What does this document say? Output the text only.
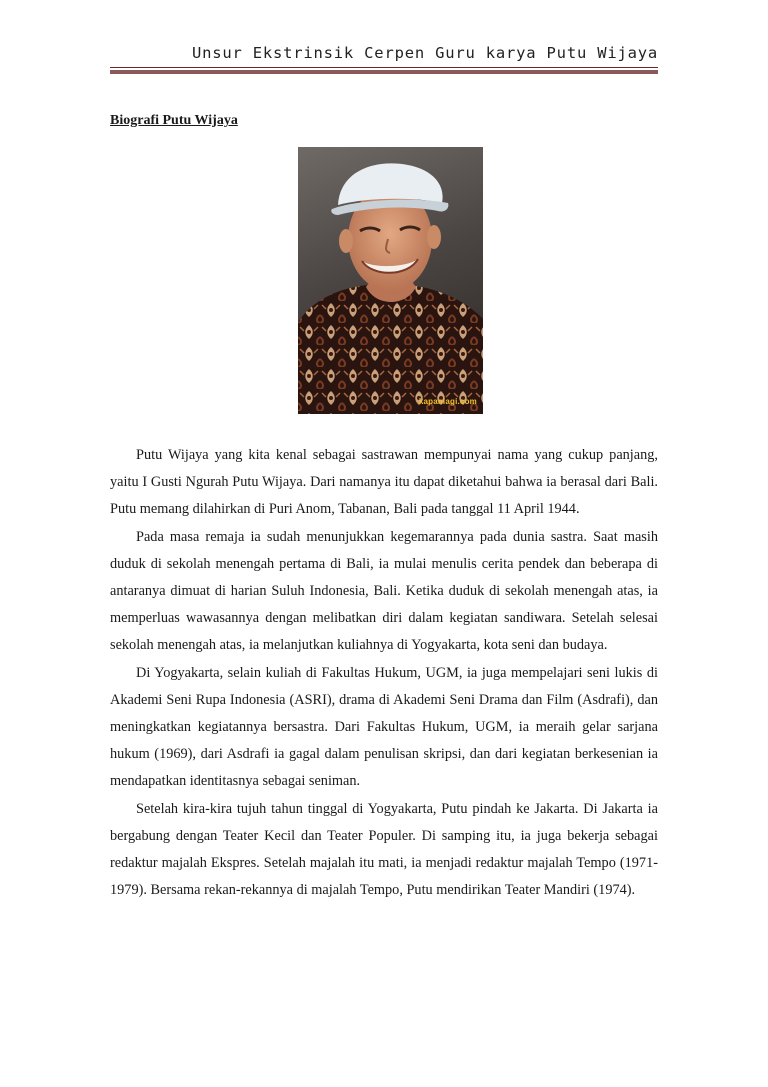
Unsur Ekstrinsik Cerpen Guru karya Putu Wijaya
Biografi Putu Wijaya
kapanlagi.com

Putu Wijaya yang kita kenal sebagai sastrawan mempunyai nama yang cukup panjang, yaitu I Gusti Ngurah Putu Wijaya. Dari namanya itu dapat diketahui bahwa ia berasal dari Bali. Putu memang dilahirkan di Puri Anom, Tabanan, Bali pada tanggal 11 April 1944.

Pada masa remaja ia sudah menunjukkan kegemarannya pada dunia sastra. Saat masih duduk di sekolah menengah pertama di Bali, ia mulai menulis cerita pendek dan beberapa di antaranya dimuat di harian Suluh Indonesia, Bali. Ketika duduk di sekolah menengah atas, ia memperluas wawasannya dengan melibatkan diri dalam kegiatan sandiwara. Setelah selesai sekolah menengah atas, ia melanjutkan kuliahnya di Yogyakarta, kota seni dan budaya.

Di Yogyakarta, selain kuliah di Fakultas Hukum, UGM, ia juga mempelajari seni lukis di Akademi Seni Rupa Indonesia (ASRI), drama di Akademi Seni Drama dan Film (Asdrafi), dan meningkatkan kegiatannya bersastra. Dari Fakultas Hukum, UGM, ia meraih gelar sarjana hukum (1969), dari Asdrafi ia gagal dalam penulisan skripsi, dan dari kegiatan berkesenian ia mendapatkan identitasnya sebagai seniman.

Setelah kira-kira tujuh tahun tinggal di Yogyakarta, Putu pindah ke Jakarta. Di Jakarta ia bergabung dengan Teater Kecil dan Teater Populer. Di samping itu, ia juga bekerja sebagai redaktur majalah Ekspres. Setelah majalah itu mati, ia menjadi redaktur majalah Tempo (1971-1979). Bersama rekan-rekannya di majalah Tempo, Putu mendirikan Teater Mandiri (1974).
